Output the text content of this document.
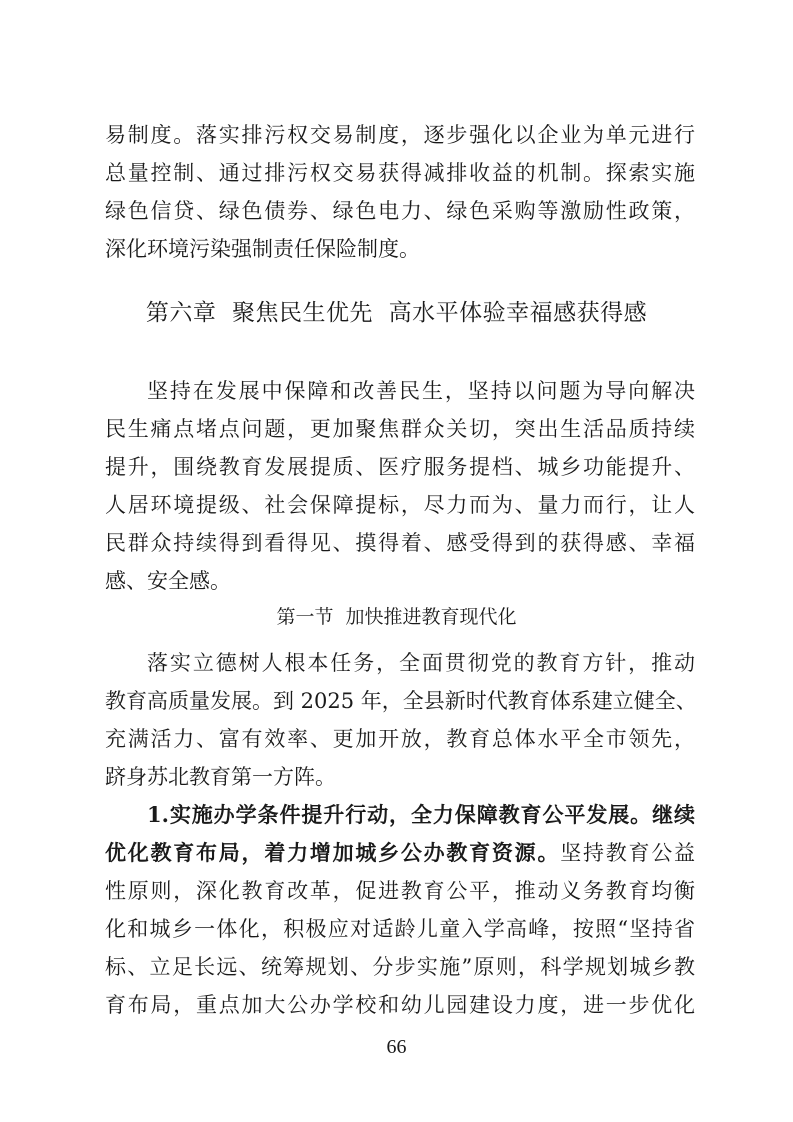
易制度。落实排污权交易制度，逐步强化以企业为单元进行
总量控制、通过排污权交易获得减排收益的机制。探索实施
绿色信贷、绿色债券、绿色电力、绿色采购等激励性政策，
深化环境污染强制责任保险制度。
第六章  聚焦民生优先  高水平体验幸福感获得感
坚持在发展中保障和改善民生，坚持以问题为导向解决
民生痛点堵点问题，更加聚焦群众关切，突出生活品质持续
提升，围绕教育发展提质、医疗服务提档、城乡功能提升、
人居环境提级、社会保障提标，尽力而为、量力而行，让人
民群众持续得到看得见、摸得着、感受得到的获得感、幸福
感、安全感。
第一节  加快推进教育现代化
落实立德树人根本任务，全面贯彻党的教育方针，推动
教育高质量发展。到 2025 年，全县新时代教育体系建立健全、
充满活力、富有效率、更加开放，教育总体水平全市领先，
跻身苏北教育第一方阵。
1.实施办学条件提升行动，全力保障教育公平发展。继续
优化教育布局，着力增加城乡公办教育资源。坚持教育公益
性原则，深化教育改革，促进教育公平，推动义务教育均衡
化和城乡一体化，积极应对适龄儿童入学高峰，按照“坚持省
标、立足长远、统筹规划、分步实施”原则，科学规划城乡教
育布局，重点加大公办学校和幼儿园建设力度，进一步优化
66
